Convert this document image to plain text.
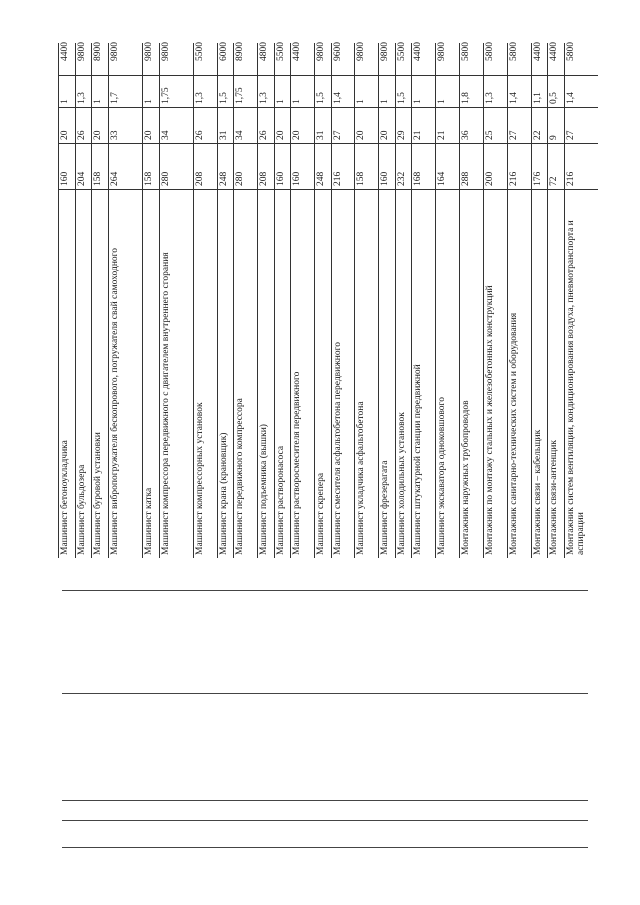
Машинист бетоноукладчика
160
20
1
4400
Машинист бульдозера
204
26
1,3
9800
Машинист буровой установки
158
20
1
8900
Машинист вибропогружателя бескопрового, погружателя свай самоходного
264
33
1,7
9800
Машинист катка
158
20
1
9800
Машинист компрессора передвижного с двигателем внутреннего сгорания
280
34
1,75
9800
Машинист компрессорных установок
208
26
1,3
5500
Машинист крана (крановщик)
248
31
1,5
6000
Машинист передвижного компрессора
280
34
1,75
8900
Машинист подъемника (вышки)
208
26
1,3
4800
Машинист растворонасоса
160
20
1
5500
Машинист растворосмесителя передвижного
160
20
1
4400
Машинист скрепера
248
31
1,5
9800
Машинист смесителя асфальтобетона передвижного
216
27
1,4
9600
Машинист укладчика асфальтобетона
158
20
1
9800
Машинист фрезерагата
160
20
1
9800
Машинист холодильных установок
232
29
1,5
5500
Машинист штукатурной станции передвижной
168
21
1
4400
Машинист экскаватора одноковшового
164
21
1
9800
Монтажник наружных трубопроводов
288
36
1,8
5800
Монтажник по монтажу стальных и железобетонных конструкций
200
25
1,3
5800
Монтажник санитарно-технических систем и оборудования
216
27
1,4
5800
Монтажник связи – кабельщик
176
22
1,1
4400
Монтажник связи-антенщик
72
9
0,5
4400
Монтажник систем вентиляции, кондиционирования воздуха, пневмотранспорта и аспирации
216
27
1,4
5800
